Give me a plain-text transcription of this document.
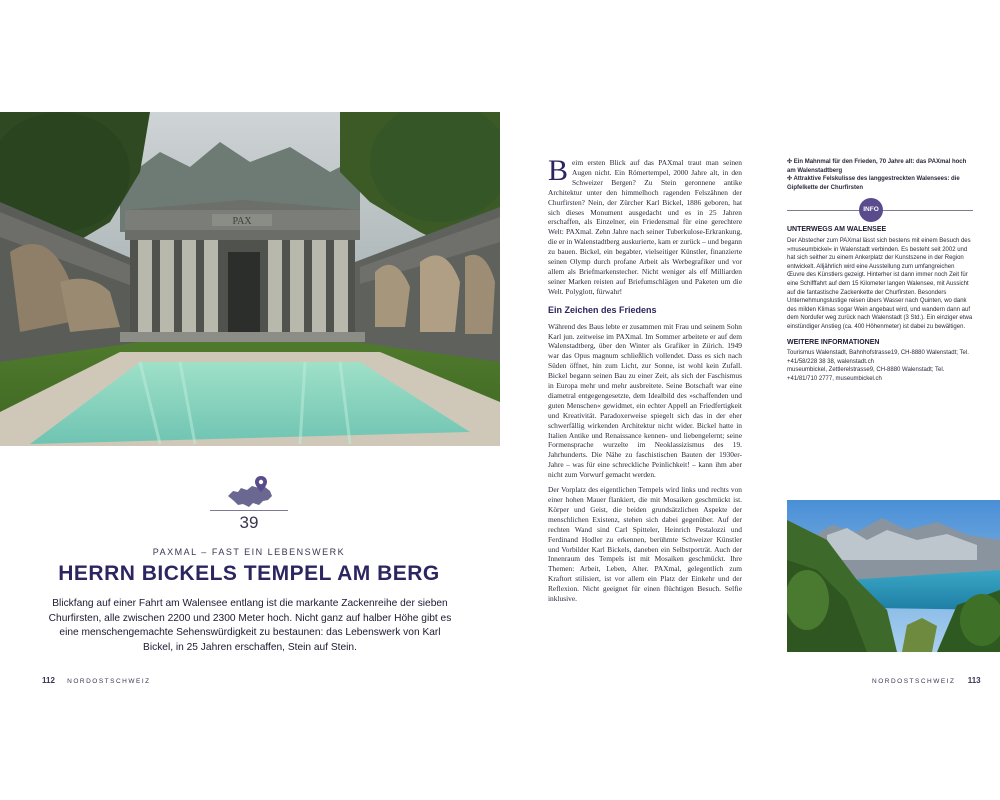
PAX
39
PAXMAL – FAST EIN LEBENSWERK
HERRN BICKELS TEMPEL AM BERG

Blickfang auf einer Fahrt am Walensee entlang ist die markante Zackenreihe der sieben Churfirsten, alle zwischen 2200 und 2300 Meter hoch. Nicht ganz auf halber Höhe gibt es eine menschengemachte Sehenswürdigkeit zu bestaunen: das Lebenswerk von Karl Bickel, in 25 Jahren erschaffen, Stein auf Stein.

112 NORDOSTSCHWEIZ

Beim ersten Blick auf das PAXmal traut man seinen Augen nicht. Ein Römertempel, 2000 Jahre alt, in den Schweizer Bergen? Zu Stein geronnene antike Architektur unter den himmelhoch ragenden Felszähnen der Churfirsten? Nein, der Zürcher Karl Bickel, 1886 geboren, hat sich dieses Monument ausgedacht und es in 25 Jahren erschaffen, als Einzelner, ein Friedensmal für eine gerechtere Welt: PAXmal. Zehn Jahre nach seiner Tuberkulose-Erkrankung, die er in Walenstadtberg auskurierte, kam er zurück – und begann zu bauen. Bickel, ein begabter, vielseitiger Künstler, finanzierte seinen Olymp durch profane Arbeit als Werbegrafiker und vor allem als Briefmarkenstecher. Nicht weniger als elf Milliarden seiner Marken reisten auf Briefumschlägen und Paketen um die Welt. Polyglott, fürwahr!

Ein Zeichen des Friedens

Während des Baus lebte er zusammen mit Frau und seinem Sohn Karl jun. zeitweise im PAXmal. Im Sommer arbeitete er auf dem Walenstadtberg, über den Winter als Grafiker in Zürich. 1949 war das Opus magnum schließlich vollendet. Dass es sich nach Süden öffnet, hin zum Licht, zur Sonne, ist wohl kein Zufall. Bickel begann seinen Bau zu einer Zeit, als sich der Faschismus in Europa mehr und mehr ausbreitete. Seine Botschaft war eine diametral entgegengesetzte, dem Idealbild des »schaffenden und guten Menschen« gewidmet, ein echter Appell an Friedfertigkeit und Kreativität. Paradoxerweise spiegelt sich das in der eher schwerfällig wirkenden Architektur nicht wider. Bickel hatte in Italien Antike und Renaissance kennen- und liebengelernt; seine Formensprache wurzelte im Neoklassizismus des 19. Jahrhunderts. Die Nähe zu faschistischen Bauten der 1930er-Jahre – was für eine schreckliche Peinlichkeit! – kann ihm aber nicht zum Vorwurf gemacht werden.

Der Vorplatz des eigentlichen Tempels wird links und rechts von einer hohen Mauer flankiert, die mit Mosaiken geschmückt ist. Körper und Geist, die beiden grundsätzlichen Aspekte der menschlichen Existenz, stehen sich dabei gegenüber. Auf der rechten Wand sind Carl Spitteler, Heinrich Pestalozzi und Ferdinand Hodler zu erkennen, berühmte Schweizer Künstler und Vorbilder Karl Bickels, daneben ein Selbstporträt. Auch der Innenraum des Tempels ist mit Mosaiken geschmückt. Ihre Themen: Arbeit, Leben, Alter. PAXmal, gelegentlich zum Kraftort stilisiert, ist vor allem ein Platz der Einkehr und der Reflexion. Nicht geeignet für einen flüchtigen Besuch. Selfie inklusive.

✣ Ein Mahnmal für den Frieden, 70 Jahre alt: das PAXmal hoch am Walenstadtberg
✣ Attraktive Felskulisse des langgestreckten Walensees: die Gipfelkette der Churfirsten
INFO
UNTERWEGS AM WALENSEE

Der Abstecher zum PAXmal lässt sich bestens mit einem Besuch des »museumbickel« in Walenstadt verbinden. Es besteht seit 2002 und hat sich seither zu einem Ankerplatz der Kunstszene in der Region entwickelt. Alljährlich wird eine Ausstellung zum umfangreichen Œuvre des Künstlers gezeigt. Hinterher ist dann immer noch Zeit für eine Schifffahrt auf dem 15 Kilometer langen Walensee, mit Aussicht auf die fantastische Zackenkette der Churfirsten. Besonders Unternehmungslustige reisen übers Wasser nach Quinten, wo dank des milden Klimas sogar Wein angebaut wird, und wandern dann auf dem Nordufer weg zurück nach Walenstadt (3 Std.). Ein einziger etwa einstündiger Anstieg (ca. 400 Höhenmeter) ist dabei zu bewältigen.

WEITERE INFORMATIONEN

Tourismus Walenstadt, Bahnhofstrasse19, CH-8880 Walenstadt; Tel. +41/58/228 38 38, walenstadt.ch

museumbickel, Zettlerelstrasse9, CH-8880 Walenstadt; Tel. +41/81/710 2777, museumbickel.ch

NORDOSTSCHWEIZ 113
